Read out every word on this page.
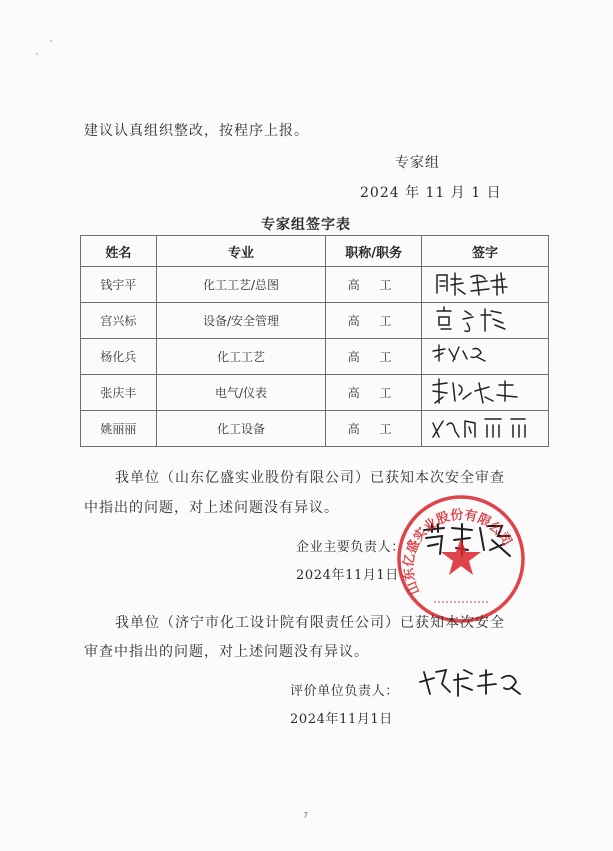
建议认真组织整改，按程序上报。
专家组
2024 年 11 月 1 日
专家组签字表
姓名	专业	职称/职务	签字
钱宇平	化工工艺/总图	高 工	
宫兴标	设备/安全管理	高 工	
杨化兵	化工工艺	高 工	
张庆丰	电气/仪表	高 工	
姚丽丽	化工设备	高 工	
我单位（山东亿盛实业股份有限公司）已获知本次安全审查
中指出的问题，对上述问题没有异议。
企业主要负责人：
2024年11月1日
山东亿盛实业股份有限公司
我单位（济宁市化工设计院有限责任公司）已获知本次安全
审查中指出的问题，对上述问题没有异议。
评价单位负责人：
2024年11月1日
7
